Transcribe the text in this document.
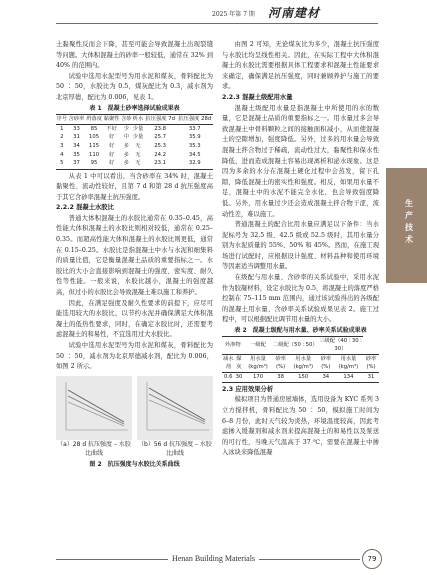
2025 年第 7 期 河南建材

土黏聚性反而会下降，甚至可能会导致混凝土出现裂缝等问题。大体积混凝土的砂率一般较低，通常在 32% 到 40% 的范围内。

试验中选用水泥型号为用水泥和煤灰，骨料配比为 50 ∶ 50，水胶比为 0.5，煤灰配比为 0.3，减水剂为北京厚德，配比为 0.006，见表 1。

表 1　混凝土砂率选择试验成果表

序号	含砂率	坍落度	黏聚性	含砂	析水	抗压强度 7d	抗压强度 28d
1	33	85	不好	少	少量	23.8	33.7
2	31	105	好	中	少量	25.7	35.9
3	34	115	好	多	无	25.3	35.3
4	35	110	好	多	无	24.2	34.5
5	37	95	好	多	无	23.1	32.9

从表 1 中可以看出，当含砂率在 34% 时，混凝土黏聚性、流动性较好，且第 7 d 和第 28 d 抗压强度高于其它含砂率混凝土抗压强度。

2.2.2 混凝土水胶比

普通大体积混凝土的水胶比通常在 0.35–0.45，高性能大体积混凝土的水胶比则相对较低，通常在 0.25–0.35。而超高性能大体积混凝土的水胶比则更低，通常在 0.15–0.25。水胶比是指混凝土中水与水泥和细集料的质量比值，它是衡量混凝土品质的重要指标之一。水胶比的大小会直接影响到混凝土的强度、密实度、耐久性等性能。一般来说，水胶比越小，混凝土的强度越高，但过小的水胶比会导致混凝土难以施工和养护。

因此，在满足强度及耐久性要求的前提下，应尽可能选用较大的水胶比，以节约水泥并确保满足大体积混凝土的低热性要求，同时，在确定水胶比时，还需要考虑混凝土的和易性，不宜选用过大水胶比。

试验中选用水泥型号为用水泥和煤灰，骨料配比为 50 ∶ 50，减水剂为北京厚德减水剂，配比为 0.006，如图 2 所示。

（a）28 d 抗压强度 – 水胶比曲线
（b）56 d 抗压强度 – 水胶比曲线

图 2　抗压强度与水胶比关系曲线

由图 2 可知，无论煤灰比为多少，混凝土抗压强度与水胶比均呈线性相关。因此，在实际工程中大体积混凝土的水胶比需要根据具体工程要求和混凝土性能要求来确定，确保满足抗压强度，同时兼顾养护与施工的要求。

2.2.3 混凝土级配用水量

混凝土级配用水量是指混凝土中所使用的水的数量，它是混凝土品质的重要指标之一。用水量过多会导致混凝土中骨料颗粒之间的接触面积减小，从而使混凝土的空隙增加，强度降低。另外，过多的用水量会导致混凝土拌合物过于稀疏，流动性过大，黏聚性和保水性降低，进而造成混凝土容易出现离析和泌水现象。这是因为多余的水分在混凝土硬化过程中会蒸发，留下孔隙，降低混凝土的密实性和强度。相反，如果用水量不足，混凝土中的水泥不能完全水化，也会导致强度降低。另外，用水量过少还会造成混凝土拌合物干涩，流动性差，难以施工。

普通混凝土的配合比用水量应满足以下条件：当水泥标号为 32.5 级、42.5 级或 52.5 级时，其用水量分别为水泥质量的 55%、50% 和 45%。然而，在施工现场进行试配时，应根据设计强度、材料品种和使用环境等因素适当调整用水量。

在级配与用水量、含砂率的关系试验中，采用水泥作为胶凝材料，设定水胶比为 0.5，将混凝土的落度严格控制在 75–115 mm 范围内，通过该试验得出的各级配的混凝土用水量、含砂率关系试验成果见表 2。施工过程中，可以根据配比调节用水量的大小。

表 2　混凝土级配与用水量、砂率关系试验成果表

外渗物		一级配	二级配（50 ∶ 50）		三级配（40 ∶ 30 ∶ 30）		
减水剂	煤灰	用水量 (kg/m³)	砂率 (%)	用水量 (kg/m³)	砂率 (%)	用水量 (kg/m³)	砂率 (%)
0.6	30	170	38	150	34	134	31

2.3 应用效果分析

模拟项目为普通房屋墙体，选用设备为 KYC 系列 3 立方搅拌机，骨料配比为 50 ∶ 50，模拟施工时间为 6–8 月份，此时天气较为炎热，环境温度较高，因此考虑掺入缓凝剂和减水剂来提高混凝土的和易性以及泵送的可行性，当晚天气温高于 37 ℃，需要在混凝土中掺入冰块来降低混凝

生产技术
Henan Building Materials	79
